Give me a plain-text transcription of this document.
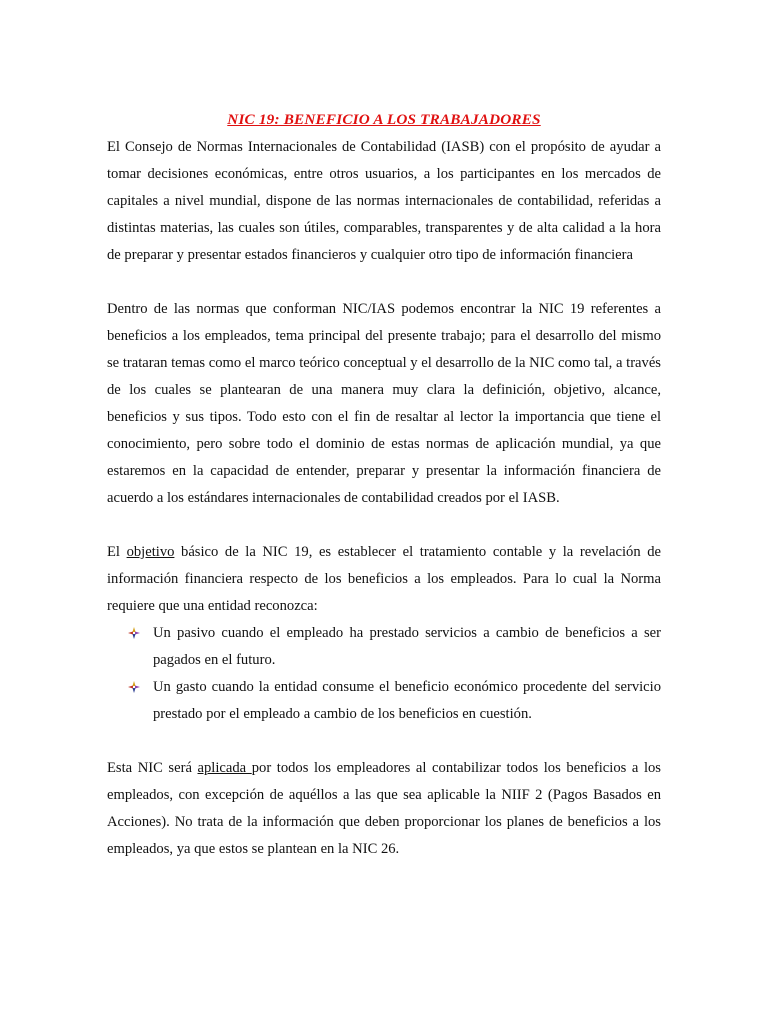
NIC 19: BENEFICIO A LOS TRABAJADORES

El Consejo de Normas Internacionales de Contabilidad (IASB) con el propósito de ayudar a tomar decisiones económicas, entre otros usuarios, a los participantes en los mercados de capitales a nivel mundial, dispone de las normas internacionales de contabilidad, referidas a distintas materias, las cuales son útiles, comparables, transparentes y de alta calidad a la hora de preparar y presentar estados financieros y cualquier otro tipo de información financiera

Dentro de las normas que conforman NIC/IAS podemos encontrar la NIC 19 referentes a beneficios a los empleados, tema principal del presente trabajo; para el desarrollo del mismo se trataran temas como el marco teórico conceptual y el desarrollo de la NIC como tal, a través de los cuales se plantearan de una manera muy clara la definición, objetivo, alcance, beneficios y sus tipos. Todo esto con el fin de resaltar al lector la importancia que tiene el conocimiento, pero sobre todo el dominio de estas normas de aplicación mundial, ya que estaremos en la capacidad de entender, preparar y presentar la información financiera de acuerdo a los estándares internacionales de contabilidad creados por el IASB.

El objetivo básico de la NIC 19, es establecer el tratamiento contable y la revelación de información financiera respecto de los beneficios a los empleados. Para lo cual la Norma requiere que una entidad reconozca:

Un pasivo cuando el empleado ha prestado servicios a cambio de beneficios a ser pagados en el futuro.
Un gasto cuando la entidad consume el beneficio económico procedente del servicio prestado por el empleado a cambio de los beneficios en cuestión.

Esta NIC será aplicada por todos los empleadores al contabilizar todos los beneficios a los empleados, con excepción de aquéllos a las que sea aplicable la NIIF 2 (Pagos Basados en Acciones). No trata de la información que deben proporcionar los planes de beneficios a los empleados, ya que estos se plantean en la NIC 26.
